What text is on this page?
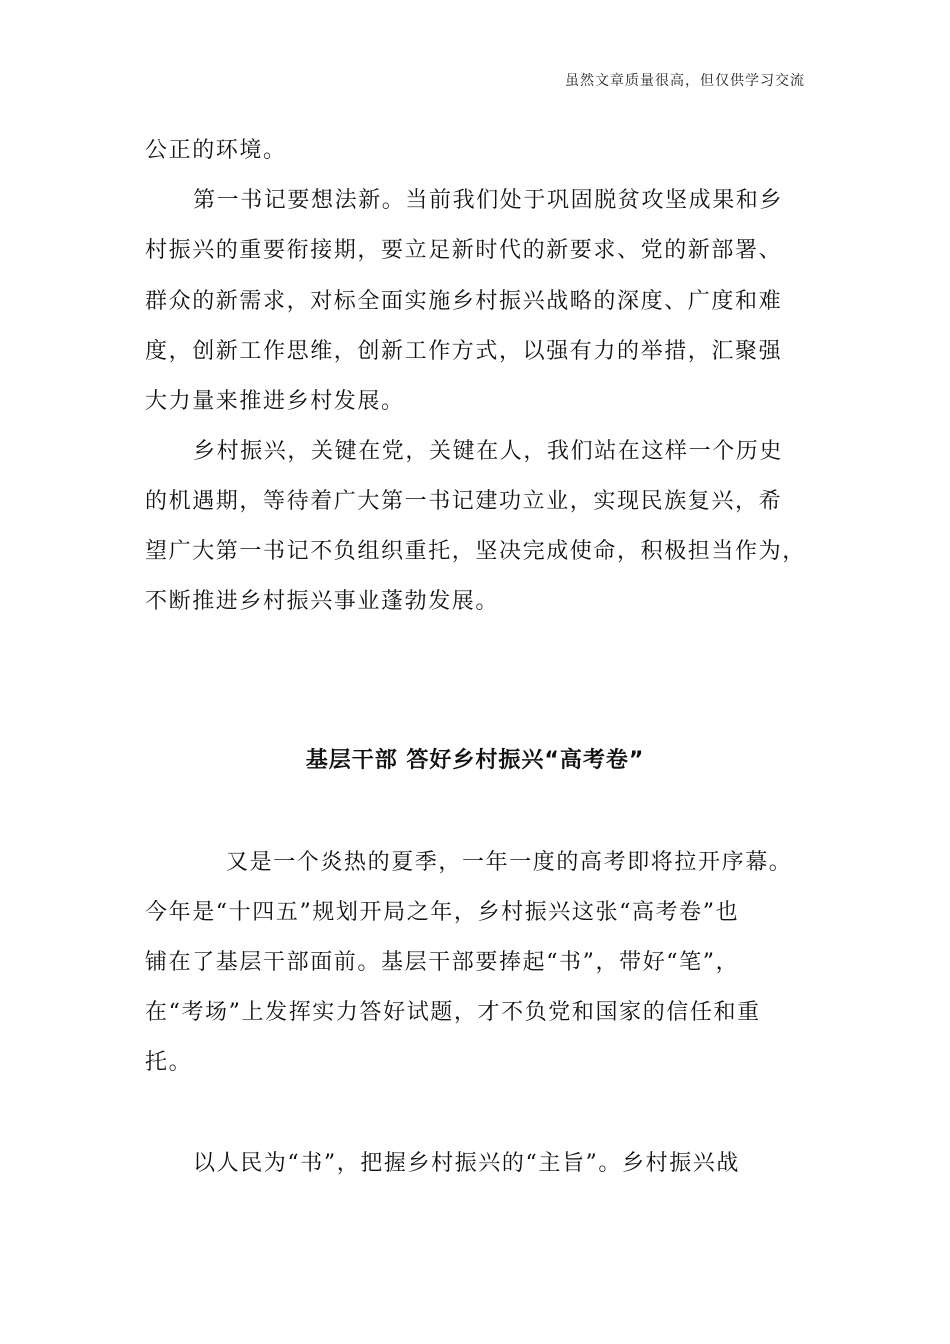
虽然文章质量很高，但仅供学习交流
公正的环境。
第一书记要想法新。当前我们处于巩固脱贫攻坚成果和乡
村振兴的重要衔接期，要立足新时代的新要求、党的新部署、
群众的新需求，对标全面实施乡村振兴战略的深度、广度和难
度，创新工作思维，创新工作方式，以强有力的举措，汇聚强
大力量来推进乡村发展。
乡村振兴，关键在党，关键在人，我们站在这样一个历史
的机遇期，等待着广大第一书记建功立业，实现民族复兴，希
望广大第一书记不负组织重托，坚决完成使命，积极担当作为，
不断推进乡村振兴事业蓬勃发展。
基层干部 答好乡村振兴“高考卷”
又是一个炎热的夏季，一年一度的高考即将拉开序幕。
今年是“十四五”规划开局之年，乡村振兴这张“高考卷”也
铺在了基层干部面前。基层干部要捧起“书”，带好“笔”，
在“考场”上发挥实力答好试题，才不负党和国家的信任和重
托。
以人民为“书”，把握乡村振兴的“主旨”。乡村振兴战
